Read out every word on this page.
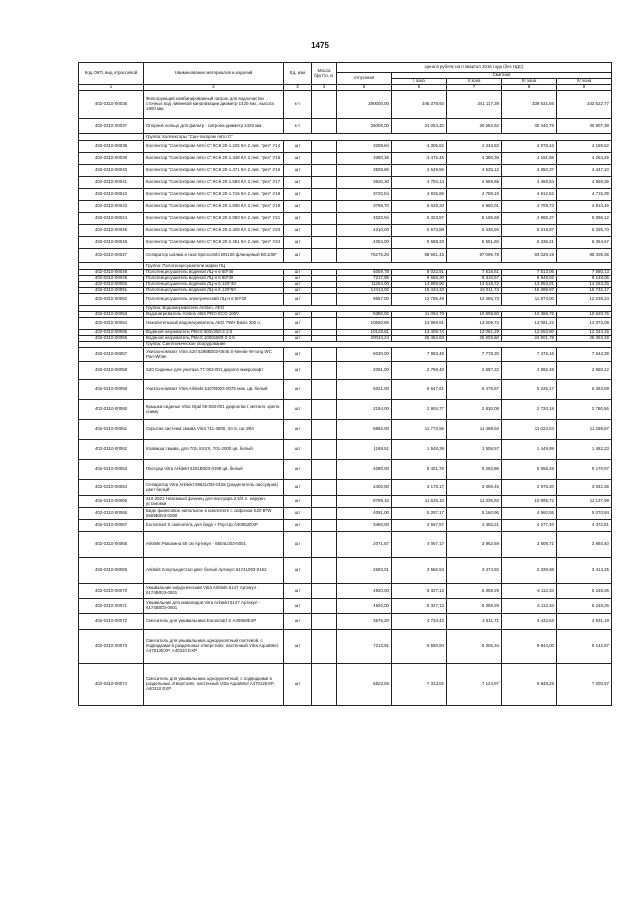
1475
Код ОКП, вид отраслевой	Наименование материалов и изделий	Ед. изм	Масса брутто, кг	Цена в рублях на II квартал 2016 года (без НДС)				
				отпускная	Сметная			
					I зона	II зона	III зона	IV зона
1	2	3	4	5	6	7	8	9
402-0310-00036	Фильтрующий комбинированный патрон для водоочистки сточных вод ливневой канализации диаметр 1420 мм., высота 1800 мм.	к-т		290000,00	346 378,93	341 117,39	339 531,56	343 622,77
402-0310-00037	Опорное кольцо для фильтр - патрона диаметр 1420 мм.	к-т		26000,00	31 054,40	30 582,62	30 440,76	30 807,38
	Группа: Коллекторы "Сан-техпром Авто С"							
402-0310-00038	Коллектор "Сантехпром Авто С" КСК 20-1.225 КА 2 лев. "pes" У14	шт		3299,64	4 305,62	4 243,82	4 078,43	4 169,52
402-0310-00039	Коллектор "Сантехпром Авто С" КСК 20-1.348 КА 2 лев. "pes" У15	шт		3380,36	4 475,46	4 380,38	4 191,56	4 264,25
402-0310-00040	Коллектор "Сантехпром Авто С" КСК 20-1.471 КА 2 лев. "pes" У16	шт		3509,86	4 649,56	4 525,12	4 350,37	4 447,10
402-0310-00041	Коллектор "Сантехпром Авто С" КСК 20-1.593 КА 2 лев. "pes" У17	шт		3620,30	4 793,14	4 669,86	4 468,54	4 558,35
402-0310-00042	Коллектор "Сантехпром Авто С" КСК 20-1.716 КА 2 лев. "pes" У18	шт		3720,54	4 925,86	4 799,19	4 612,62	4 715,39
402-0310-00043	Коллектор "Сантехпром Авто С" КСК 20-1.838 КА 2 лев. "pes" У19	шт		3798,70	5 029,33	4 960,01	4 709,73	4 814,46
402-0310-00044	Коллектор "Сантехпром Авто С" КСК 20-2.083 КА 2 лев. "pes" У21	шт		4020,94	5 323,57	5 185,68	4 985,27	5 096,12
402-0310-00045	Коллектор "Сантехпром Авто С" КСК 20-2.328 КА 2 лев. "pes" У23	шт		4210,00	5 573,88	5 430,55	5 219,87	5 335,73
402-0310-00046	Коллектор "Сантехпром Авто С" КСК 20-2.451 КА 2 лев. "pes" У24	шт		4304,00	5 698,33	5 551,60	5 336,21	5 454,67
402-0310-00047	Сепаратор шлама и газа Spirocombi DN100 фланцевый BC100F	шт		75275,20	98 661,43	97 096,78	93 329,19	95 405,36
	Группа: Полотенцесушители марки ЛЦ							
402-0310-00048	Полотенцесушитель водяной ЛЦ-н 6 60*40	шт		6059,78	8 022,91	7 616,61	7 513,06	7 680,13
402-0310-00049	Полотенцесушитель водяной ЛЦ-н 6 80*30	шт		7217,96	9 556,30	9 310,57	8 949,02	9 148,06
402-0310-00050	Полотенцесушитель водяной ЛЦ-н 6 120*40	шт		11254,00	14 899,90	14 516,72	13 953,01	14 263,26
402-0310-00051	Полотенцесушитель водяной ЛЦ-н 6 120*60	шт		12413,00	16 434,33	16 011,74	15 389,97	15 732,17
402-0310-00052	Полотенцесушитель электрический ЛЦ-н 6 60*40	шт		9667,00	12 785,49	12 456,73	11 973,00	12 239,23
	Группа: Водонагреватели Ariston, AEG							
402-0310-00053	Водонагреватель Ariston ABS PRO ECO 100V	шт		8380,00	11 094,79	10 809,50	10 389,75	10 620,76
402-0310-00054	Накопительный водонагреватель AEG TWH Basis 200 л.	шт		10550,85	13 968,91	13 609,72	13 081,22	13 372,08
402-0310-00055	Водяной нагреватель PBAS 500х350-2-2,5	шт		10128,81	13 409,74	13 061,29	12 553,90	12 344,15
402-0310-00056	Водяной нагреватель PBAS 1000х500-2-2,5	шт		20034,24	26 484,83	25 803,60	24 801,78	25 353,28
	Группа: Сантехническое оборудование							
402-0310-00057	Унитаз-компакт Vitra S20 5288В003-0645 S-Neede W-rung WC Pan-White	шт		6030,00	7 983,48	7 778,20	7 476,15	7 642,39
402-0310-00058	S20 Сиденье для унитаза 77-003-001 дюропл микролифт	шт		2091,00	2 768,40	2 697,22	2 592,48	2 650,12
402-0310-00059	Унитаз-компакт Vitra Arkitekt 6107В003-0075 ниж. цв. белый	шт		5021,00	6 647,61	6 476,67	6 225,17	6 363,59
402-0310-00060	Крышка-сиденье Vitra Opal 05-003-001 дюропласт, металл. крепл. сниму	шт		2194,00	2 904,77	2 830,08	2 720,18	2 780,66
402-0310-00061	Скрытая система смыва Vitra 711-3800, 20 S, на 3/8л	шт		8892,00	11 772,66	11 469,94	11 024,54	11 269,67
402-0310-00062	Клавиша смыва, для 701-XXXX, 701-2000 цв. белый	шт		1169,51	1 548,39	1 508,57	1 449,99	1 482,23
402-0310-00063	Писсуар Vitra Arkitekt 6201В003-0199 цв. белый	шт		4080,00	5 401,76	5 262,86	5 058,49	5 170,97
402-0310-00064	Сепаратор Vitra Arkitekt 5962L003-0155 (разделитель писсуаров) цвет белый	шт		2400,50	3 178,17	3 096,45	2 976,20	3 042,38
402-0310-00065	310-2521 Наземный фланец для писсуара 2,5/4 л. наружн. установки	шт		8788,10	11 635,10	11 335,92	10 895,72	11 137,99
402-0310-00066	Биде фаянсовое напольное в комплекте с сифоном S20 В*W 5509В003-0290	шт		4091,00	5 297,17	5 160,96	4 960,55	5 070,84
402-0310-00067	Eurosmart S смеситель для биде + Pop-Up А40952EXP	шт		3450,00	4 567,67	4 450,21	4 277,40	4 372,51
402-0310-00068	Arkitekt Раковина 60 см Артикул - 6604L003-0001	шт		2071,87	4 067,17	3 962,59	3 808,71	3 893,40
402-0310-00069	Arkitekt полупьедестал цвет белый Артикул 6174L003-0162	шт		2683,01	3 566,53	3 474,92	3 339,98	3 414,25
402-0310-00070	Умывальник хирургический Vitra Arkitekt 6147 Артикул - 6174В003-0001	шт		4920,00	6 327,13	6 359,29	6 112,34	6 248,25
402-0310-00071	Умывальник для инвалидов Vitra Arkitekt 6147 Артикул - 6174В003-0001	шт		4920,00	6 327,13	9 359,29	6 112,34	6 248,25
402-0310-00072	Смеситель для умывальника Eurosmart S А40950EXP	шт		3575,20	4 733,43	4 611,71	4 432,63	4 531,19
402-0310-00073	Смеситель для умывальника однорукоятный полтевой, с подводками в раздельных отверстиях, настенный Vitra AquaMed А47012EXP, А40310 EXP	шт		7213,91	9 550,94	9 305,34	8 944,00	9 142,87
402-0310-00074	Смеситель для умывальника однорукоятный, с подводками в раздельных отверстиях, настенный Vitra AquaMed А47012EXP, А40310 EXP	шт		5523,59	7 313,02	7 124,97	6 848,29	7 000,57
